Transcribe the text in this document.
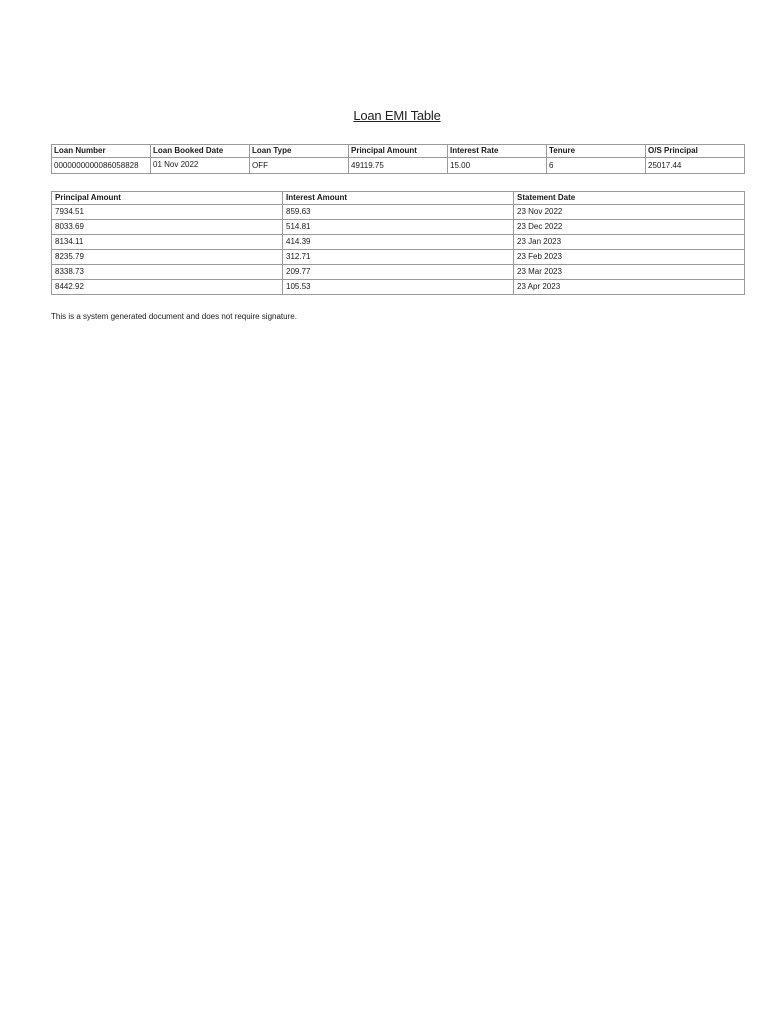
Loan EMI Table
Loan Number	Loan Booked Date	Loan Type	Principal Amount	Interest Rate	Tenure	O/S Principal
0000000000086058828	01 Nov 2022	OFF	49119.75	15.00	6	25017.44
Principal Amount	Interest Amount	Statement Date
7934.51	859.63	23 Nov 2022
8033.69	514.81	23 Dec 2022
8134.11	414.39	23 Jan 2023
8235.79	312.71	23 Feb 2023
8338.73	209.77	23 Mar 2023
8442.92	105.53	23 Apr 2023
This is a system generated document and does not require signature.
